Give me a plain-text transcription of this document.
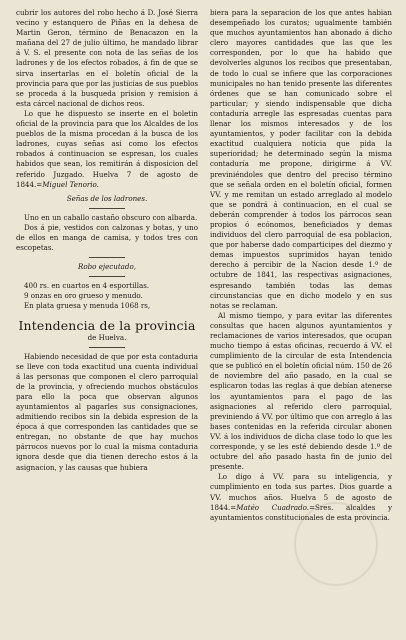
cubrir los autores del robo hecho á D. José Sierra vecino y estanquero de Piñas en la dehesa de Martin Geron, término de Benacazon en la mañana del 27 de julio último, he mandado librar á V. S. el presente con nota de las señas de los ladrones y de los efectos robados, á fin de que se sirva insertarlas en el boletín oficial de la provincia para que por las justicias de sus pueblos se proceda á la busqueda prision y remision á esta cárcel nacional de dichos reos.

Lo que he dispuesto se inserte en el boletin oficial de la provincia para que los Alcaldes de los pueblos de la misma procedan á la busca de los ladrones, cuyas señas asi como los efectos robados á continuacion se espresan, los cuales habidos que sean, los remitirán á disposicion del referido Juzgado. Huelva 7 de agosto de 1844.=Miguel Tenorio.

Señas de los ladrones.

Uno en un caballo castaño obscuro con albarda.

Dos á pie, vestidos con calzonas y botas, y uno de ellos en manga de camisa, y todos tres con escopetas.

Robo ejecutado,

400 rs. en cuartos en 4 esportillas.

9 onzas en oro grueso y menudo.

En plata gruesa y menuda 1068 rs,

Intendencia de la provincia
de Huelva.

Habiendo necesidad de que por esta contaduria se lleve con toda exactitud una cuenta individual á las personas que componen el clero parroquial de la provincia, y ofreciendo muchos obstáculos para ello la poca que observan algunos ayuntamientos al pagarles sus consignaciones, admitiendo recibos sin la debida espresion de la época á que corresponden las cantidades que se entregan, no obstante de que hay muchos párrocos nuevos por lo cual la misma contaduria ignora desde que dia tienen derecho estos á la asignacion, y las causas que hubiera

biera para la separacion de los que antes habian desempeñado los curatos; ugualmente también que muchos ayuntamientos han abonado á dicho clero mayores cantidades que las que les corresponden, por lo que ha habido que devolverles algunos los recibos que presentaban, de todo lo cual se infiere que las corporaciones municipales no han tenido presente las diferentes órdenes que se han comunicado sobre el particular; y siendo indispensable que dicha contaduría arregle las espresadas cuentas para llenar los mismos interesados y de los ayuntamientos, y poder facilitar con la debida exactitud cualquiera noticia que pida la superioridad; he determinado según la misma contaduría me propone, dirigirme á VV. previniéndoles que dentro del preciso término que se señala orden en el boletín oficial, formen VV. y me remitan un estado arreglado al modelo que se pondrá á continuacion, en el cual se deberán comprender á todos los párrocos sean propios ó ecónomos, beneficiados y demas individuos del clero parroquial de esa poblacion, que por haberse dado comparticipes del diezmo y demas impuestos suprimidos hayan tenido derecho á percibir de la Nacion desde 1.º de octubre de 1841, las respectivas asignaciones, espresando también todas las demas circunstancias que en dicho modelo y en sus notas se reclaman.

Al mismo tiempo, y para evitar las diferentes consultas que hacen algunos ayuntamientos y reclamaciones de varios interesados, que ocupan mucho tiempo á estas oficinas, recuerdo á VV. el cumplimiento de la circular de esta Intendencia que se publicó en el boletín oficial núm. 150 de 26 de noviembre del año pasado, en la cual se esplicaron todas las reglas á que debían atenerse los ayuntamientos para el pago de las asignaciones al referido clero parroquial, previniendo á VV. por último que con arreglo á las bases contenidas en la referida circular abonen VV. á los individuos de dicha clase todo lo que les corresponde, y se les esté debiendo desde 1.º de octubre del año pasado hasta fin de junio del presente.

Lo digo á VV. para su inteligencia, y cumplimiento en toda sus partes. Dios guarde a VV. muchos años. Huelva 5 de agosto de 1844.=Matéo Cuadrado.=Sres. alcaldes y ayuntamientos constitucionales de esta provincia.
